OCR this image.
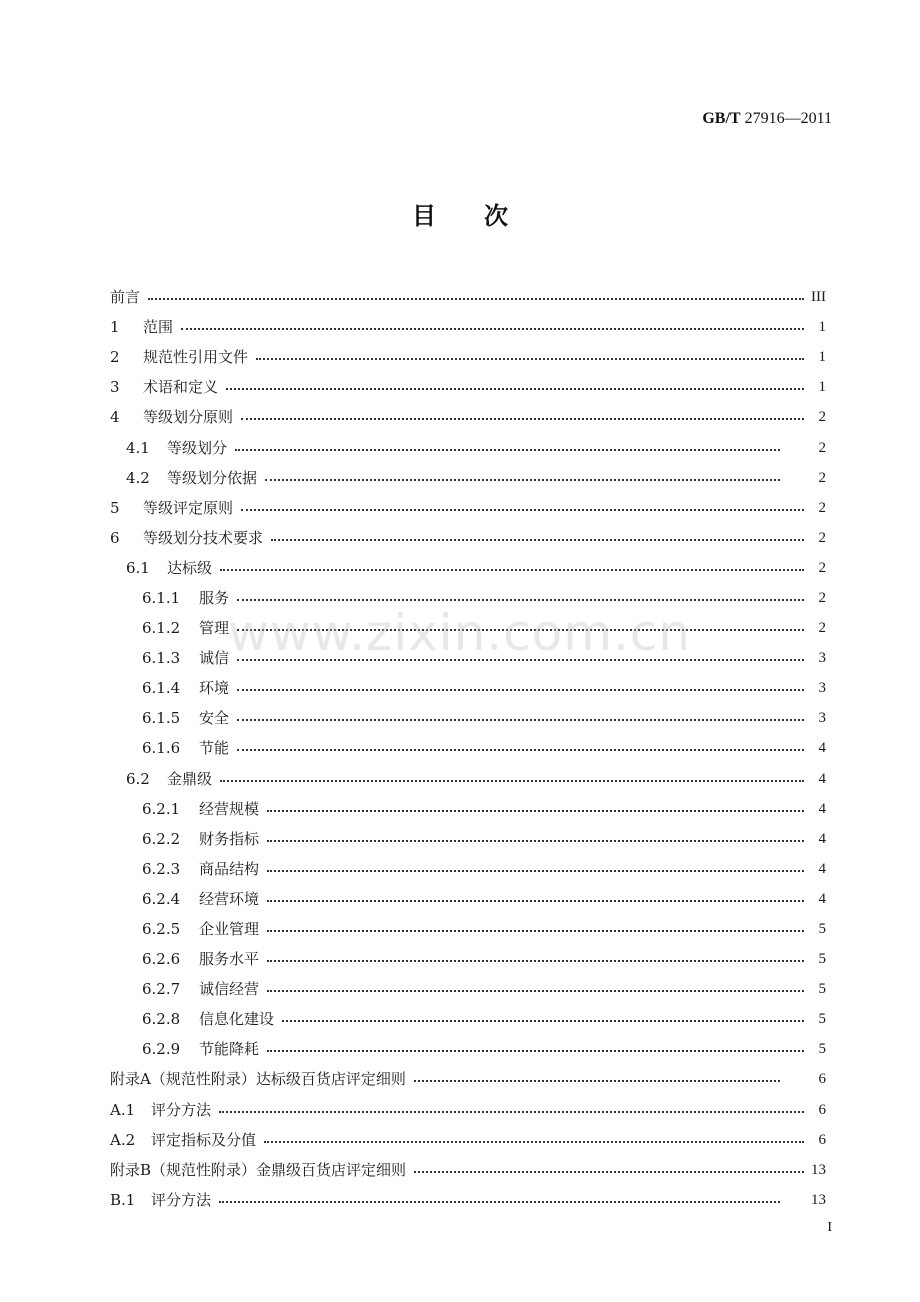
GB/T 27916—2011
目次
前言	III
1	范围	1
2	规范性引用文件	1
3	术语和定义	1
4	等级划分原则	2
4.1	等级划分	2
4.2	等级划分依据	2
5	等级评定原则	2
6	等级划分技术要求	2
6.1	达标级	2
6.1.1	服务	2
6.1.2	管理	2
6.1.3	诚信	3
6.1.4	环境	3
6.1.5	安全	3
6.1.6	节能	4
6.2	金鼎级	4
6.2.1	经营规模	4
6.2.2	财务指标	4
6.2.3	商品结构	4
6.2.4	经营环境	4
6.2.5	企业管理	5
6.2.6	服务水平	5
6.2.7	诚信经营	5
6.2.8	信息化建设	5
6.2.9	节能降耗	5
附录A（规范性附录）达标级百货店评定细则	6
A.1	评分方法	6
A.2	评定指标及分值	6
附录B（规范性附录）金鼎级百货店评定细则	13
B.1	评分方法	13
www.zixin.com.cn
I
